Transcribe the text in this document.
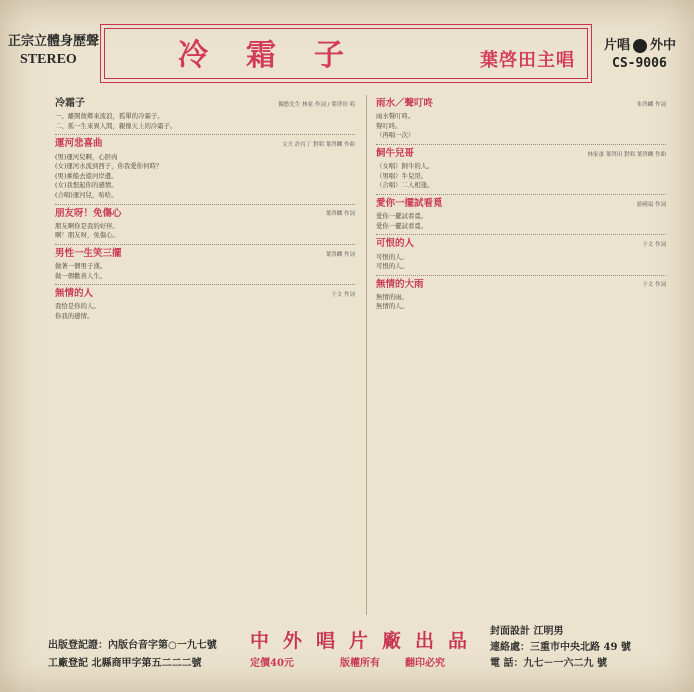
正宗立體身歷聲
STEREO	冷霜子	葉啓田主唱
片唱 外中
CS-9006
冷霜子	獨愁先生 林家 作詞 / 葉啓田 唱

一、離開故鄉來流浪，孤單的冷霜子。

二、孤一生來異人間，親像天上的冷霜子。

運河悲喜曲	文夫 許丙丁 對唱 葉啓麟 作曲

(男)運河兒啊，心肝肉

(女)運河水流到西子，你我愛你何時？

(男)乘船去遊河岸邊。

(女)我恨起你的感情。

(合唱)運河兒，哈哈。

朋友呀！免傷心	葉啓麟 作詞

朋友啊你是我的好伴。

啊！朋友呀，免傷心。

男性一生笑三擺	葉啓麟 作詞

做著一個男子漢。

做一個歡喜人生。

無情的人	于文 作詞

我恰是你的人。

你我的感情。

雨水／聲叮咚	朱啓麟 作詞

雨水聲叮咚。

聲叮咚。

（再唱一次）

飼牛兒哥	林家彥 葉啓田 對唱 葉啓麟 作曲

（女唱）飼牛的人。

（男唱）牛兒哥。

（合唱）二人相逢。

愛你一擺試看覓	游國福 作詞

愛你一擺試看覓。

愛你一擺試看覓。

可恨的人	于文 作詞

可恨的人。

可恨的人。

無情的大雨	于文 作詞

無情的雨。

無情的人。

出版登記證：內版台音字第○一九七號
工廠登記 北縣商甲字第五二二二號
中外唱片廠出品
定價40元	版權所有	翻印必究
封面設計 江明男
連絡處：三重市中央北路 49 號
電 話：九七－一六二九 號
